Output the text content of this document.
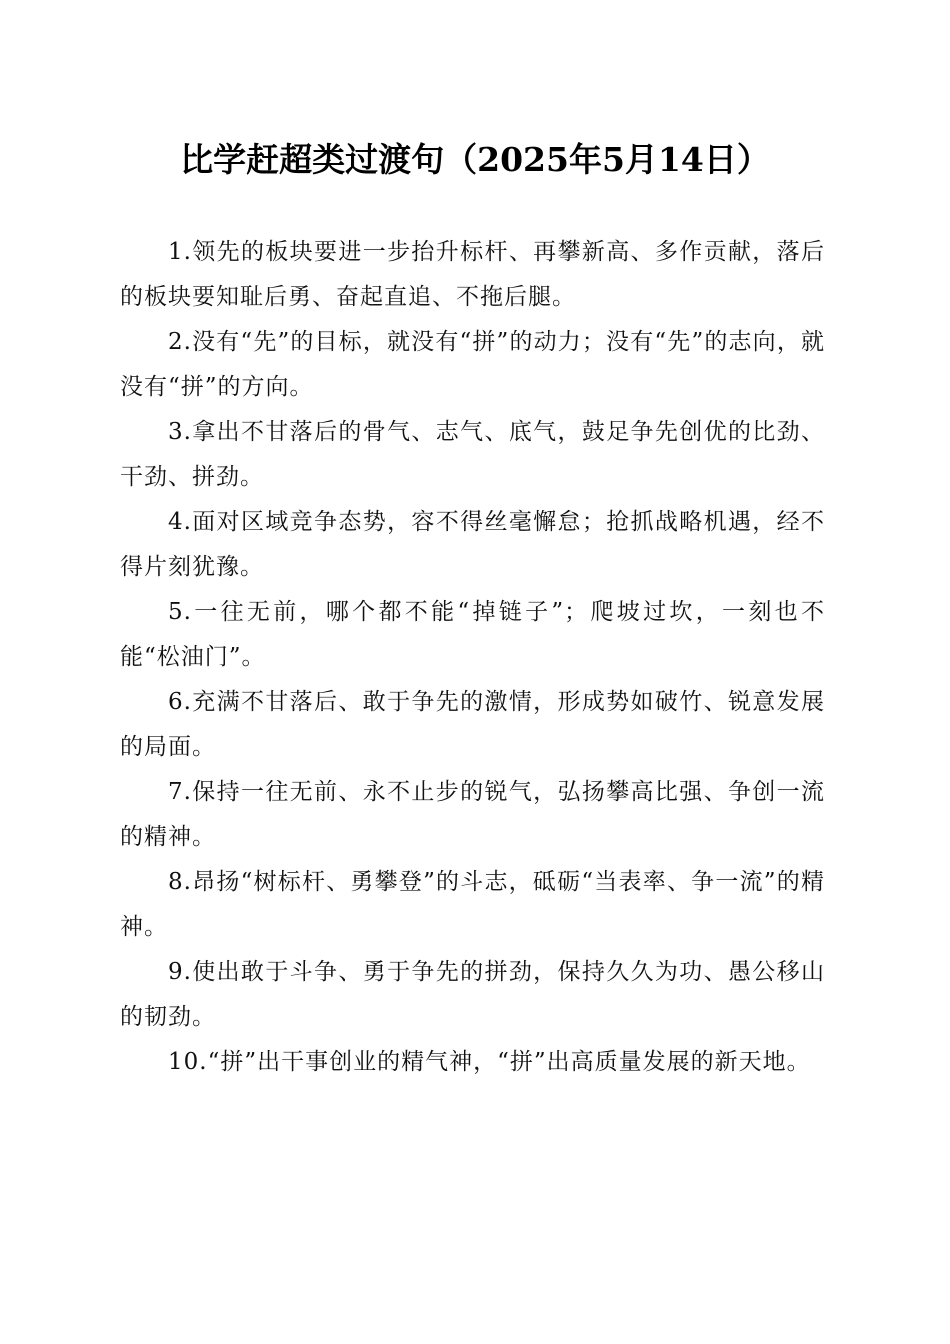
比学赶超类过渡句（2025年5月14日）

1.领先的板块要进一步抬升标杆、再攀新高、多作贡献，落后的板块要知耻后勇、奋起直追、不拖后腿。

2.没有“先”的目标，就没有“拼”的动力；没有“先”的志向，就没有“拼”的方向。

3.拿出不甘落后的骨气、志气、底气，鼓足争先创优的比劲、干劲、拼劲。

4.面对区域竞争态势，容不得丝毫懈怠；抢抓战略机遇，经不得片刻犹豫。

5.一往无前，哪个都不能“掉链子”；爬坡过坎，一刻也不能“松油门”。

6.充满不甘落后、敢于争先的激情，形成势如破竹、锐意发展的局面。

7.保持一往无前、永不止步的锐气，弘扬攀高比强、争创一流的精神。

8.昂扬“树标杆、勇攀登”的斗志，砥砺“当表率、争一流”的精神。

9.使出敢于斗争、勇于争先的拼劲，保持久久为功、愚公移山的韧劲。

10.“拼”出干事创业的精气神，“拼”出高质量发展的新天地。
